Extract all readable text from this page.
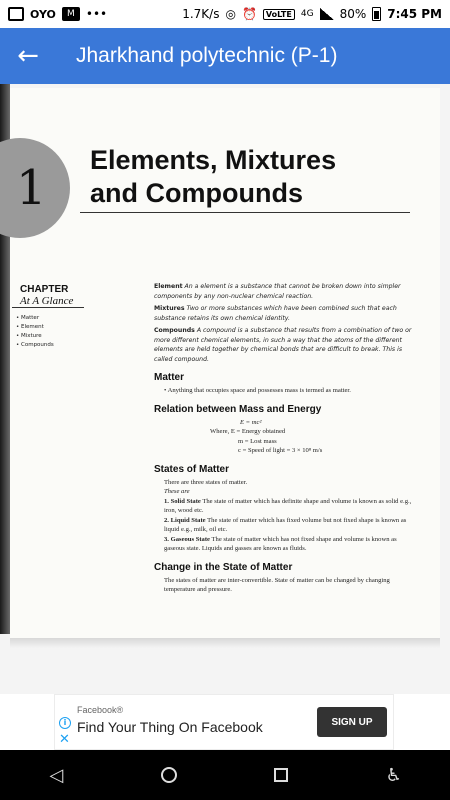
OYO	M •••	1.7K/s ◎ ⏰	VoLTE	4G 80% 7:45 PM
← Jharkhand polytechnic (P-1)
1 Elements, Mixtures
and Compounds
CHAPTER
At A Glance
• Matter
• Element
• Mixture
• Compounds
Element An a element is a substance that cannot be broken down into simpler components by any non-nuclear chemical reaction.
Mixtures Two or more substances which have been combined such that each substance retains its own chemical identity.
Compounds A compound is a substance that results from a combination of two or more different chemical elements, in such a way that the atoms of the different elements are held together by chemical bonds that are difficult to break. This is called compound.
Matter
• Anything that occupies space and possesses mass is termed as matter.
Relation between Mass and Energy
E = mc²
Where, E = Energy obtained
m = Lost mass
c = Speed of light = 3 × 10⁸ m/s
States of Matter
There are three states of matter.
These are
1. Solid State The state of matter which has definite shape and volume is known as solid e.g., iron, wood etc.
2. Liquid State The state of matter which has fixed volume but not fixed shape is known as liquid e.g., milk, oil etc.
3. Gaseous State The state of matter which has not fixed shape and volume is known as gaseous state. Liquids and gasses are known as fluids.
Change in the State of Matter
The states of matter are inter-convertible. State of matter can be changed by changing temperature and pressure.
i
✕
Facebook®
Find Your Thing On Facebook	SIGN UP
◁	♿
